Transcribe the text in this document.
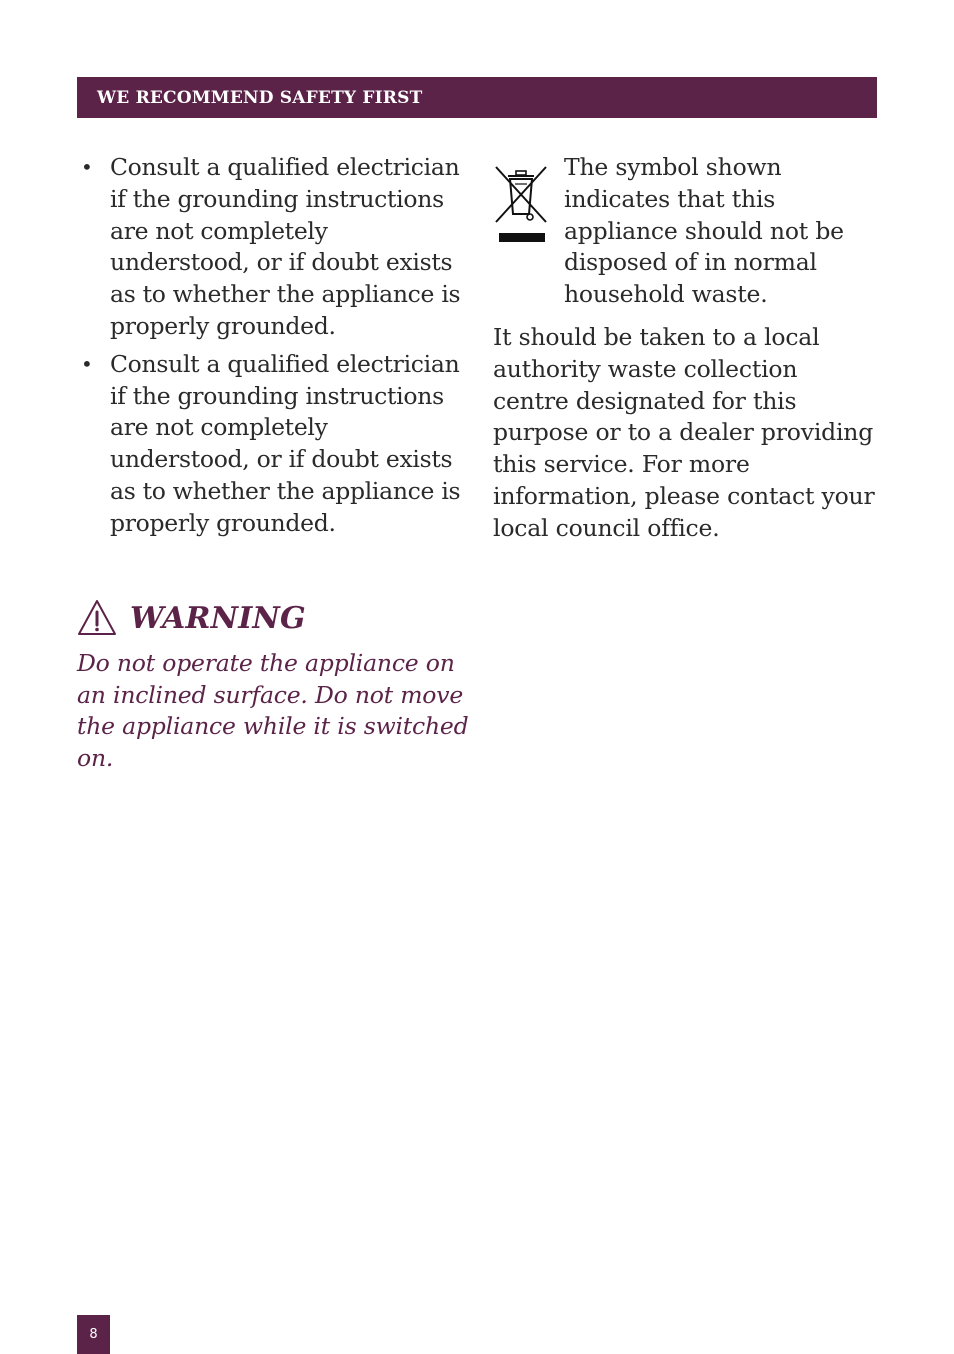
WE RECOMMEND SAFETY FIRST
• Consult a qualified electrician if the grounding instructions are not completely understood, or if doubt exists as to whether the appliance is properly grounded.
• Consult a qualified electrician if the grounding instructions are not completely understood, or if doubt exists as to whether the appliance is properly grounded.
WARNING
Do not operate the appliance on an inclined surface. Do not move the appliance while it is switched on.
The symbol shown indicates that this appliance should not be disposed of in normal household waste.
It should be taken to a local authority waste collection centre designated for this purpose or to a dealer providing this service. For more information, please contact your local council office.
8
